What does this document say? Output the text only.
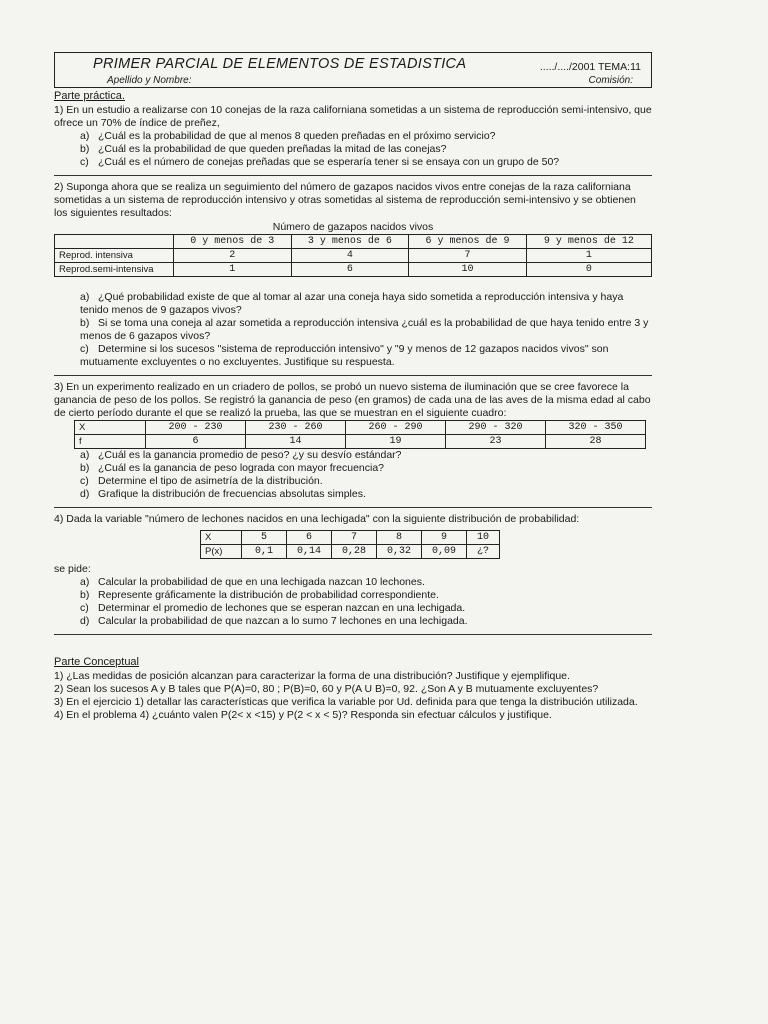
PRIMER PARCIAL DE ELEMENTOS DE ESTADISTICA	...../..../2001 TEMA:11
Apellido y Nombre:	Comisión:
Parte práctica.

1) En un estudio a realizarse con 10 conejas de la raza californiana sometidas a un sistema de reproducción semi-intensivo, que ofrece un 70% de índice de preñez,

a) ¿Cuál es la probabilidad de que al menos 8 queden preñadas en el próximo servicio?
b) ¿Cuál es la probabilidad de que queden preñadas la mitad de las conejas?
c) ¿Cuál es el número de conejas preñadas que se esperaría tener si se ensaya con un grupo de 50?

2) Suponga ahora que se realiza un seguimiento del número de gazapos nacidos vivos entre conejas de la raza californiana sometidas a un sistema de reproducción intensivo y otras sometidas al sistema de reproducción semi-intensivo y se obtienen los siguientes resultados:

Número de gazapos nacidos vivos
	0 y menos de 3	3 y menos de 6	6 y menos de 9	9 y menos de 12
Reprod. intensiva	2	4	7	1
Reprod.semi-intensiva	1	6	10	0
a) ¿Qué probabilidad existe de que al tomar al azar una coneja haya sido sometida a reproducción intensiva y haya tenido menos de 9 gazapos vivos?
b) Si se toma una coneja al azar sometida a reproducción intensiva ¿cuál es la probabilidad de que haya tenido entre 3 y menos de 6 gazapos vivos?
c) Determine si los sucesos "sistema de reproducción intensivo" y "9 y menos de 12 gazapos nacidos vivos" son mutuamente excluyentes o no excluyentes. Justifique su respuesta.

3) En un experimento realizado en un criadero de pollos, se probó un nuevo sistema de iluminación que se cree favorece la ganancia de peso de los pollos. Se registró la ganancia de peso (en gramos) de cada una de las aves de la misma edad al cabo de cierto período durante el que se realizó la prueba, las que se muestran en el siguiente cuadro:

X	200 - 230	230 - 260	260 - 290	290 - 320	320 - 350
f	6	14	19	23	28
a) ¿Cuál es la ganancia promedio de peso? ¿y su desvío estándar?
b) ¿Cuál es la ganancia de peso lograda con mayor frecuencia?
c) Determine el tipo de asimetría de la distribución.
d) Grafique la distribución de frecuencias absolutas simples.

4) Dada la variable "número de lechones nacidos en una lechigada" con la siguiente distribución de probabilidad:

X	5	6	7	8	9	10
P(x)	0,1	0,14	0,28	0,32	0,09	¿?

se pide:

a) Calcular la probabilidad de que en una lechigada nazcan 10 lechones.
b) Represente gráficamente la distribución de probabilidad correspondiente.
c) Determinar el promedio de lechones que se esperan nazcan en una lechigada.
d) Calcular la probabilidad de que nazcan a lo sumo 7 lechones en una lechigada.
Parte Conceptual

1) ¿Las medidas de posición alcanzan para caracterizar la forma de una distribución? Justifique y ejemplifique.

2) Sean los sucesos A y B tales que P(A)=0, 80 ; P(B)=0, 60 y P(A U B)=0, 92. ¿Son A y B mutuamente excluyentes?

3) En el ejercicio 1) detallar las características que verifica la variable por Ud. definida para que tenga la distribución utilizada.

4) En el problema 4) ¿cuánto valen P(2< x <15) y P(2 < x < 5)? Responda sin efectuar cálculos y justifique.
